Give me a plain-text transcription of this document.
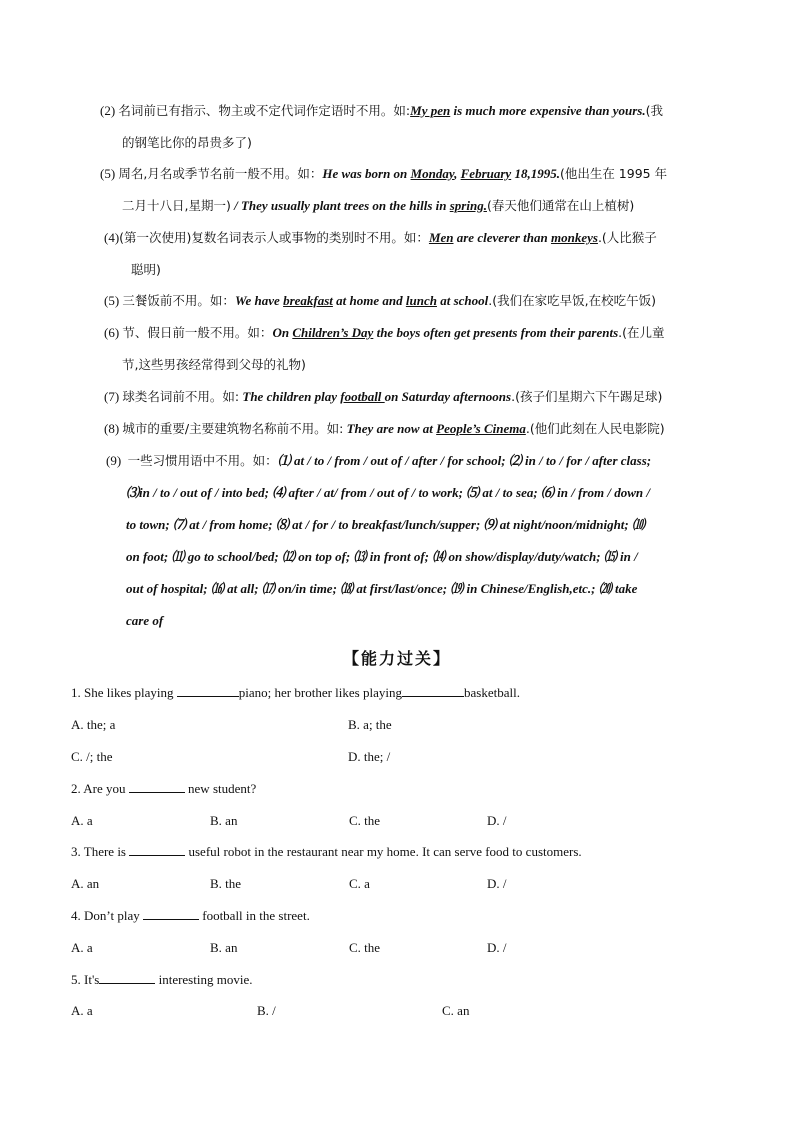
(2) 名词前已有指示、物主或不定代词作定语时不用。如:My pen is much more expensive than yours.(我
的钢笔比你的昂贵多了)
(5) 周名,月名或季节名前一般不用。如：He was born on Monday, February 18,1995.(他出生在 1995 年
二月十八日,星期一) / They usually plant trees on the hills in spring.(春天他们通常在山上植树)
(4)(第一次使用)复数名词表示人或事物的类别时不用。如：Men are cleverer than monkeys.(人比猴子
聪明)
(5) 三餐饭前不用。如：We have breakfast at home and lunch at school.(我们在家吃早饭,在校吃午饭)
(6) 节、假日前一般不用。如：On Children’s Day the boys often get presents from their parents.(在儿童
节,这些男孩经常得到父母的礼物)
(7) 球类名词前不用。如: The children play football on Saturday afternoons.(孩子们星期六下午踢足球)
(8) 城市的重要/主要建筑物名称前不用。如: They are now at People’s Cinema.(他们此刻在人民电影院)
(9) 一些习惯用语中不用。如：⑴ at / to / from / out of / after / for school; ⑵ in / to / for / after class;
⑶in / to / out of / into bed; ⑷ after / at/ from / out of / to work; ⑸ at / to sea; ⑹ in / from / down /
to town; ⑺ at / from home; ⑻ at / for / to breakfast/lunch/supper; ⑼ at night/noon/midnight; ⑽
on foot; ⑾ go to school/bed; ⑿ on top of; ⒀ in front of; ⒁ on show/display/duty/watch; ⒂ in /
out of hospital; ⒃ at all; ⒄ on/in time; ⒅ at first/last/once; ⒆ in Chinese/English,etc.; ⒇ take
care of
【能力过关】
1. She likes playing	piano; her brother likes playing	basketball.
A. the; a	B. a; the
C. /; the	D. the; /
2. Are you	new student?
A. a	B. an	C. the	D. /
3. There is	useful robot in the restaurant near my home. It can serve food to customers.
A. an	B. the	C. a	D. /
4. Don’t play	football in the street.
A. a	B. an	C. the	D. /
5. It's	interesting movie.
A. a	B. /	C. an
